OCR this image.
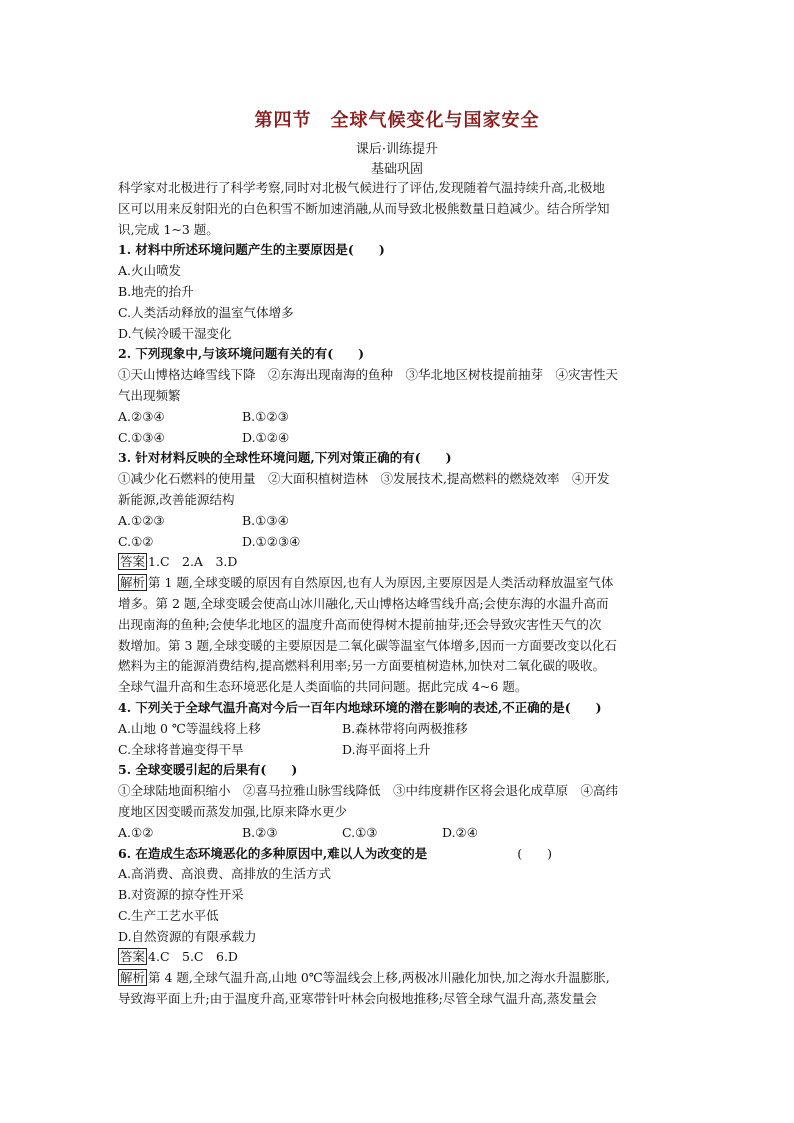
第四节　全球气候变化与国家安全
课后·训练提升
基础巩固
科学家对北极进行了科学考察,同时对北极气候进行了评估,发现随着气温持续升高,北极地
区可以用来反射阳光的白色积雪不断加速消融,从而导致北极熊数量日趋减少。结合所学知
识,完成 1~3 题。
1. 材料中所述环境问题产生的主要原因是(　　)
A.火山喷发
B.地壳的抬升
C.人类活动释放的温室气体增多
D.气候冷暖干湿变化
2. 下列现象中,与该环境问题有关的有(　　)
①天山博格达峰雪线下降　②东海出现南海的鱼种　③华北地区树枝提前抽芽　④灾害性天
气出现频繁
A.②③④	B.①②③
C.①③④	D.①②④
3. 针对材料反映的全球性环境问题,下列对策正确的有(　　)
①减少化石燃料的使用量　②大面积植树造林　③发展技术,提高燃料的燃烧效率　④开发
新能源,改善能源结构
A.①②③	B.①③④
C.①②	D.①②③④
答案 1.C　2.A　3.D
解析 第 1 题,全球变暖的原因有自然原因,也有人为原因,主要原因是人类活动释放温室气体
增多。第 2 题,全球变暖会使高山冰川融化,天山博格达峰雪线升高;会使东海的水温升高而
出现南海的鱼种;会使华北地区的温度升高而使得树木提前抽芽;还会导致灾害性天气的次
数增加。第 3 题,全球变暖的主要原因是二氧化碳等温室气体增多,因而一方面要改变以化石
燃料为主的能源消费结构,提高燃料利用率;另一方面要植树造林,加快对二氧化碳的吸收。
全球气温升高和生态环境恶化是人类面临的共同问题。据此完成 4~6 题。
4. 下列关于全球气温升高对今后一百年内地球环境的潜在影响的表述,不正确的是(　　)
A.山地 0 ℃等温线将上移	B.森林带将向两极推移
C.全球将普遍变得干旱	D.海平面将上升
5. 全球变暖引起的后果有(　　)
①全球陆地面积缩小　②喜马拉雅山脉雪线降低　③中纬度耕作区将会退化成草原　④高纬
度地区因变暖而蒸发加强,比原来降水更少
A.①②	B.②③	C.①③	D.②④
6. 在造成生态环境恶化的多种原因中,难以人为改变的是	(　　)
A.高消费、高浪费、高排放的生活方式
B.对资源的掠夺性开采
C.生产工艺水平低
D.自然资源的有限承载力
答案 4.C　5.C　6.D
解析 第 4 题,全球气温升高,山地 0℃等温线会上移,两极冰川融化加快,加之海水升温膨胀,
导致海平面上升;由于温度升高,亚寒带针叶林会向极地推移;尽管全球气温升高,蒸发量会
